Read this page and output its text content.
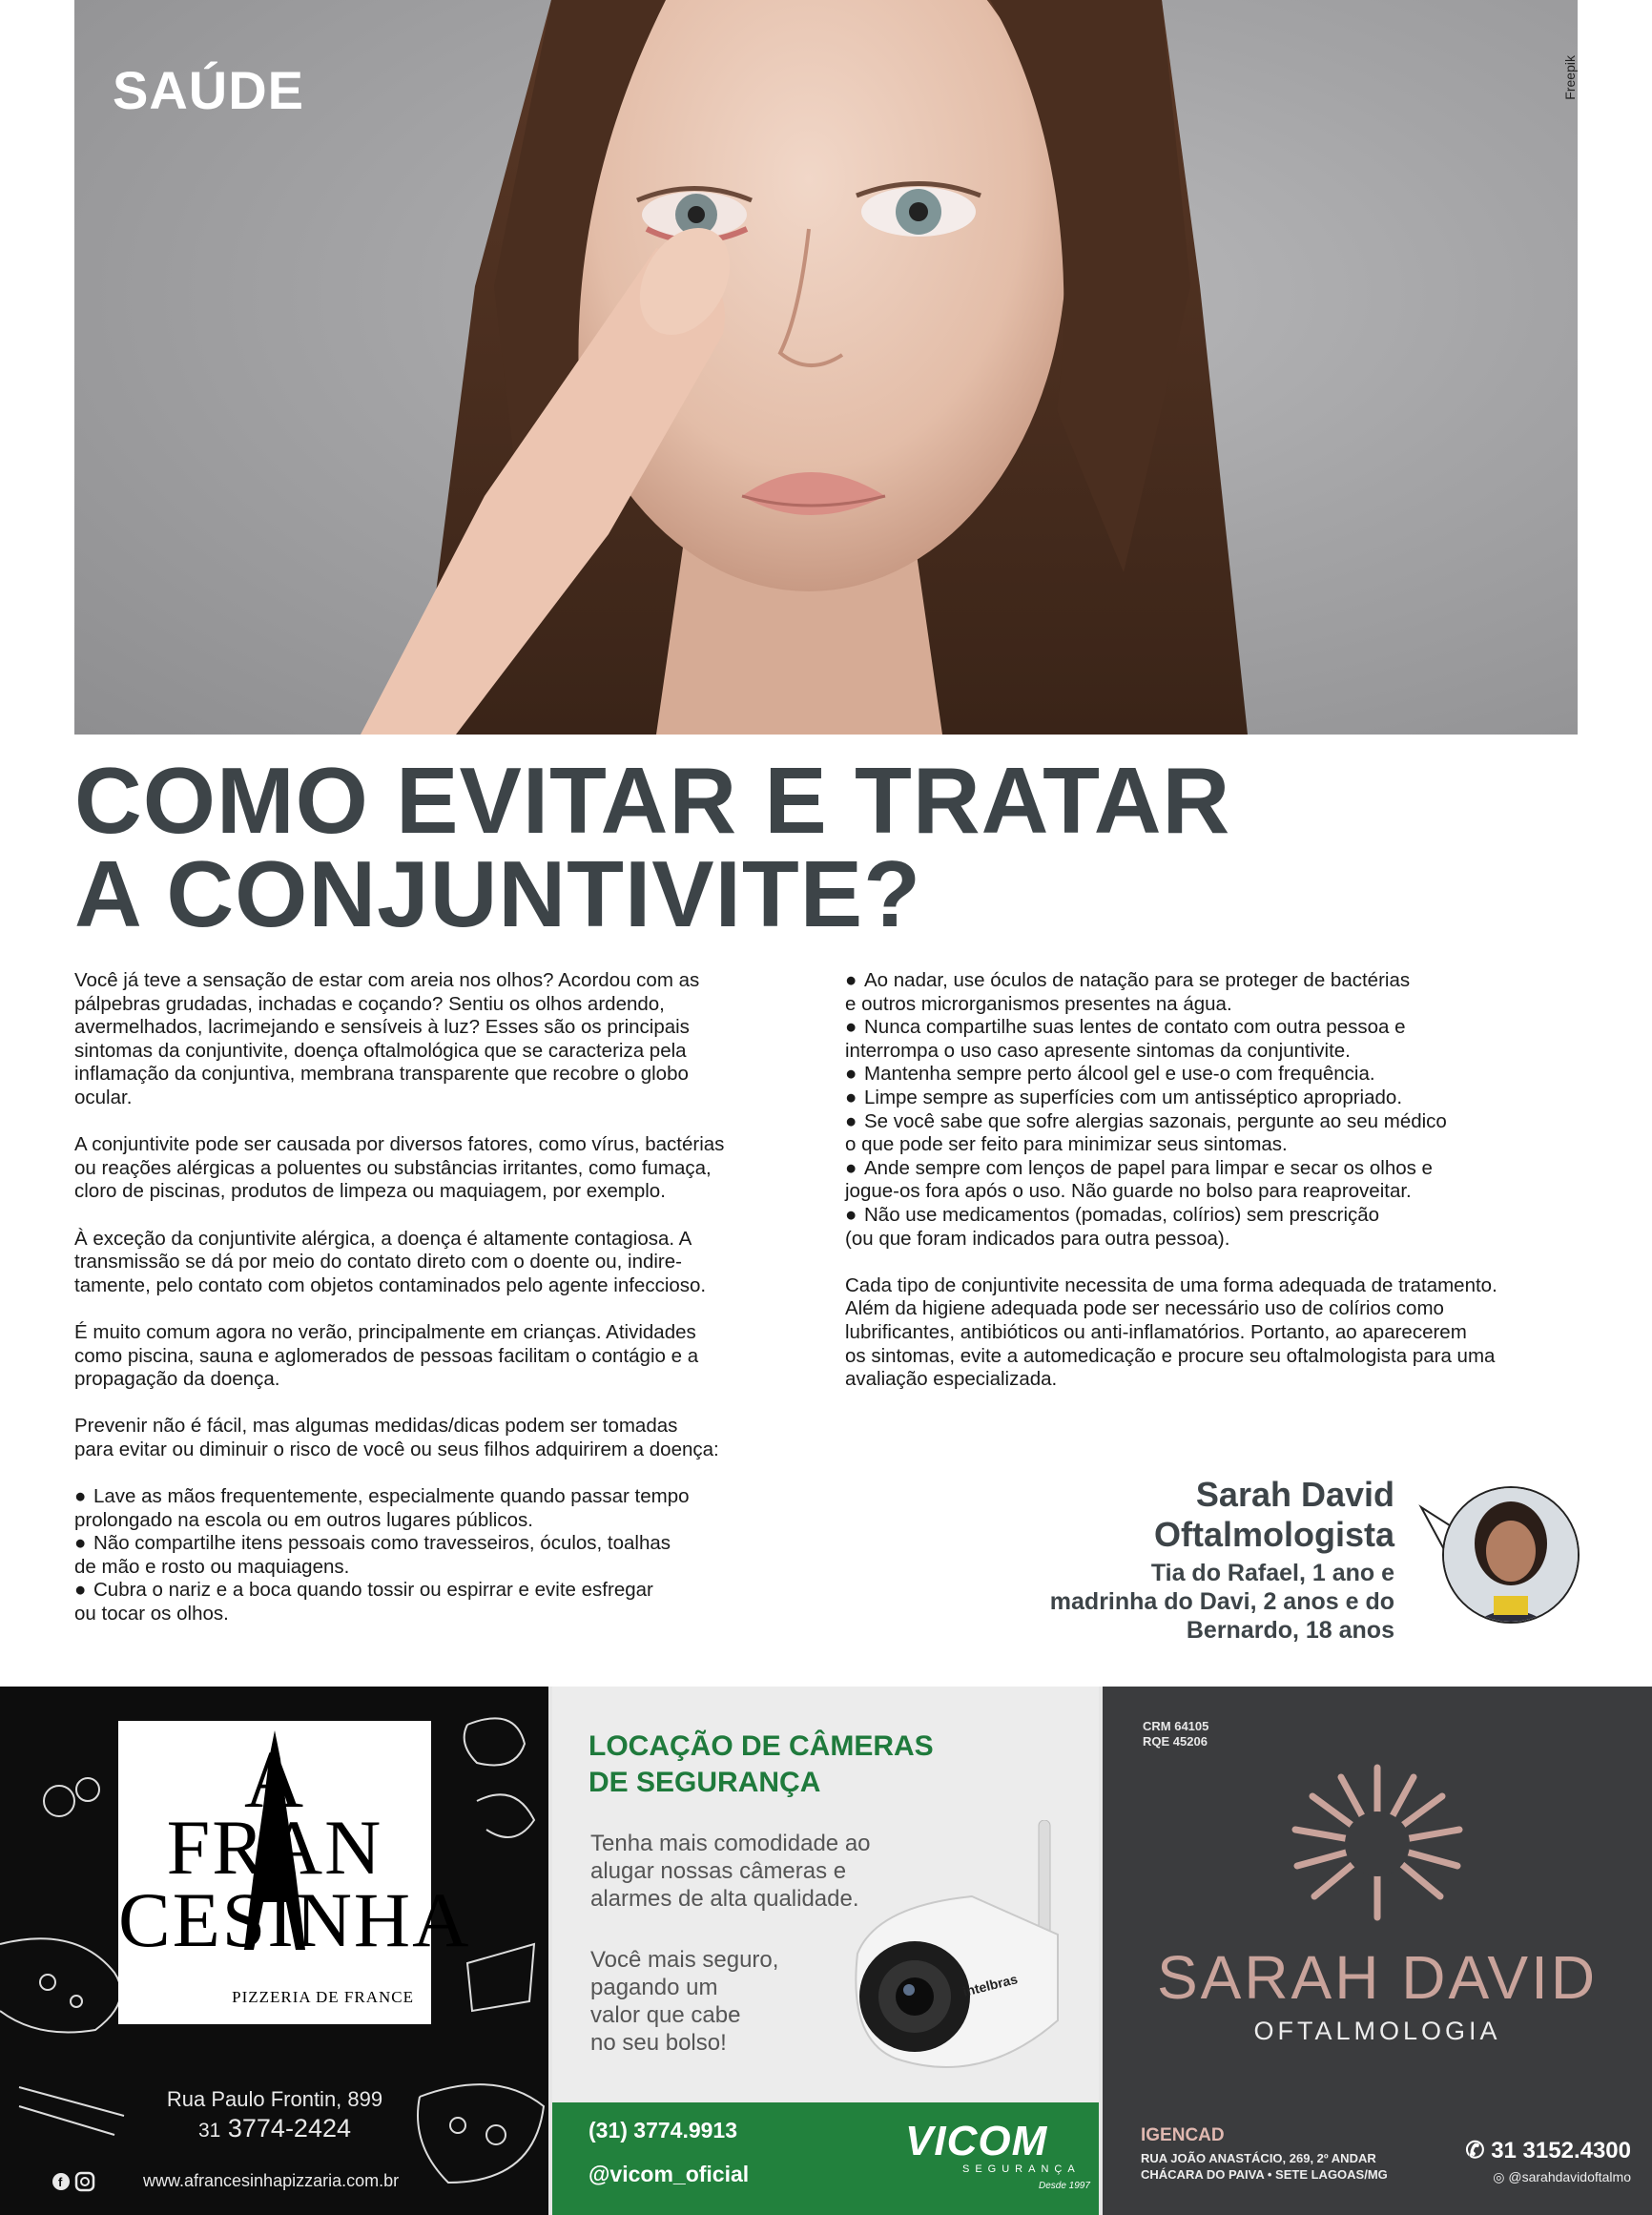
SAÚDE	Freepik
COMO EVITAR E TRATAR
A CONJUNTIVITE?

Você já teve a sensação de estar com areia nos olhos? Acordou com as
pálpebras grudadas, inchadas e coçando? Sentiu os olhos ardendo,
avermelhados, lacrimejando e sensíveis à luz? Esses são os principais
sintomas da conjuntivite, doença oftalmológica que se caracteriza pela
inflamação da conjuntiva, membrana transparente que recobre o globo
ocular.

A conjuntivite pode ser causada por diversos fatores, como vírus, bactérias
ou reações alérgicas a poluentes ou substâncias irritantes, como fumaça,
cloro de piscinas, produtos de limpeza ou maquiagem, por exemplo.

À exceção da conjuntivite alérgica, a doença é altamente contagiosa. A
transmissão se dá por meio do contato direto com o doente ou, indire-
tamente, pelo contato com objetos contaminados pelo agente infeccioso.

É muito comum agora no verão, principalmente em crianças. Atividades
como piscina, sauna e aglomerados de pessoas facilitam o contágio e a
propagação da doença.

Prevenir não é fácil, mas algumas medidas/dicas podem ser tomadas
para evitar ou diminuir o risco de você ou seus filhos adquirirem a doença:

● Lave as mãos frequentemente, especialmente quando passar tempo
prolongado na escola ou em outros lugares públicos.
● Não compartilhe itens pessoais como travesseiros, óculos, toalhas
de mão e rosto ou maquiagens.
● Cubra o nariz e a boca quando tossir ou espirrar e evite esfregar
ou tocar os olhos.
● Ao nadar, use óculos de natação para se proteger de bactérias
e outros microrganismos presentes na água.
● Nunca compartilhe suas lentes de contato com outra pessoa e
interrompa o uso caso apresente sintomas da conjuntivite.
● Mantenha sempre perto álcool gel e use-o com frequência.
● Limpe sempre as superfícies com um antisséptico apropriado.
● Se você sabe que sofre alergias sazonais, pergunte ao seu médico
o que pode ser feito para minimizar seus sintomas.
● Ande sempre com lenços de papel para limpar e secar os olhos e
jogue-os fora após o uso. Não guarde no bolso para reaproveitar.
● Não use medicamentos (pomadas, colírios) sem prescrição
(ou que foram indicados para outra pessoa).

Cada tipo de conjuntivite necessita de uma forma adequada de tratamento.
Além da higiene adequada pode ser necessário uso de colírios como
lubrificantes, antibióticos ou anti-inflamatórios. Portanto, ao aparecerem
os sintomas, evite a automedicação e procure seu oftalmologista para uma
avaliação especializada.

Sarah David
Oftalmologista
Tia do Rafael, 1 ano e
madrinha do Davi, 2 anos e do
Bernardo, 18 anos
A
FRAN
CESINHA
PIZZERIA DE FRANCE
Rua Paulo Frontin, 899
31 3774-2424
f	www.afrancesinhapizzaria.com.br
LOCAÇÃO DE CÂMERAS
DE SEGURANÇA
Tenha mais comodidade ao
alugar nossas câmeras e
alarmes de alta qualidade.
Você mais seguro,
pagando um
valor que cabe
no seu bolso!
intelbras
(31) 3774.9913
@vicom_oficial
VICOM
SEGURANÇA
Desde 1997
CRM 64105
RQE 45206
SARAH DAVID
OFTALMOLOGIA
IGENCAD
RUA JOÃO ANASTÁCIO, 269, 2º ANDAR
CHÁCARA DO PAIVA • SETE LAGOAS/MG
✆ 31 3152.4300
◎ @sarahdavidoftalmo
